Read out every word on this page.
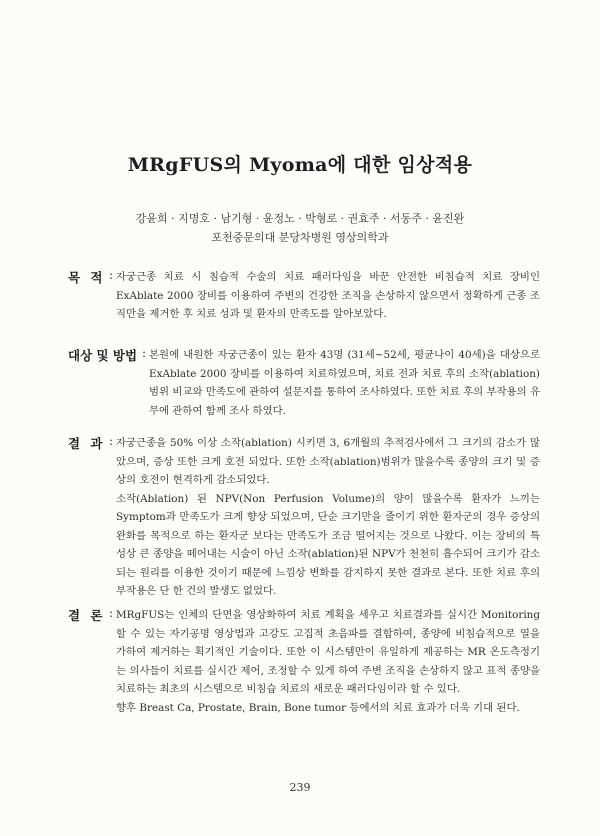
MRgFUS의 Myoma에 대한 임상적용
강윤희 · 지명호 · 남기형 · 윤정노 · 박형로 · 권효주 · 서동주 · 윤진완
포천중문의대 분당차병원 영상의학과
목 적 : 자궁근종 치료 시 침습적 수술의 치료 패러다임을 바꾼 안전한 비침습적 치료 장비인 ExAblate 2000 장비를 이용하여 주변의 건강한 조직을 손상하지 않으면서 정확하게 근종 조직만을 제거한 후 치료 성과 및 환자의 만족도를 알아보았다.

대상 및 방법 : 본원에 내원한 자궁근종이 있는 환자 43명 (31세~52세, 평균나이 40세)을 대상으로 ExAblate 2000 장비를 이용하여 치료하였으며, 치료 전과 치료 후의 소작(ablation) 범위 비교와 만족도에 관하여 설문지를 통하여 조사하였다. 또한 치료 후의 부작용의 유무에 관하여 함께 조사 하였다.

결 과 : 자궁근종을 50% 이상 소작(ablation) 시키면 3, 6개월의 추적검사에서 그 크기의 감소가 많았으며, 증상 또한 크게 호전 되었다. 또한 소작(ablation)범위가 많을수록 종양의 크기 및 증상의 호전이 현격하게 감소되었다.

소작(Ablation) 된 NPV(Non Perfusion Volume)의 양이 많을수록 환자가 느끼는 Symptom과 만족도가 크게 향상 되었으며, 단순 크기만을 줄이기 위한 환자군의 경우 증상의 완화를 목적으로 하는 환자군 보다는 만족도가 조금 떨어지는 것으로 나왔다. 이는 장비의 특성상 큰 종양을 떼어내는 시술이 아닌 소작(ablation)된 NPV가 천천히 흡수되어 크기가 감소되는 원리를 이용한 것이기 때문에 느낌상 변화를 감지하지 못한 결과로 본다. 또한 치료 후의 부작용은 단 한 건의 발생도 없었다.

결 론 : MRgFUS는 인체의 단면을 영상화하여 치료 계획을 세우고 치료결과를 실시간 Monitoring 할 수 있는 자기공명 영상법과 고강도 고집적 초음파를 결합하여, 종양에 비침습적으로 열을 가하여 제거하는 획기적인 기술이다. 또한 이 시스템만이 유일하게 제공하는 MR 온도측정기는 의사들이 치료를 실시간 제어, 조정할 수 있게 하여 주변 조직을 손상하지 않고 표적 종양을 치료하는 최초의 시스템으로 비침습 치료의 새로운 패러다임이라 할 수 있다.

향후 Breast Ca, Prostate, Brain, Bone tumor 등에서의 치료 효과가 더욱 기대 된다.

239
